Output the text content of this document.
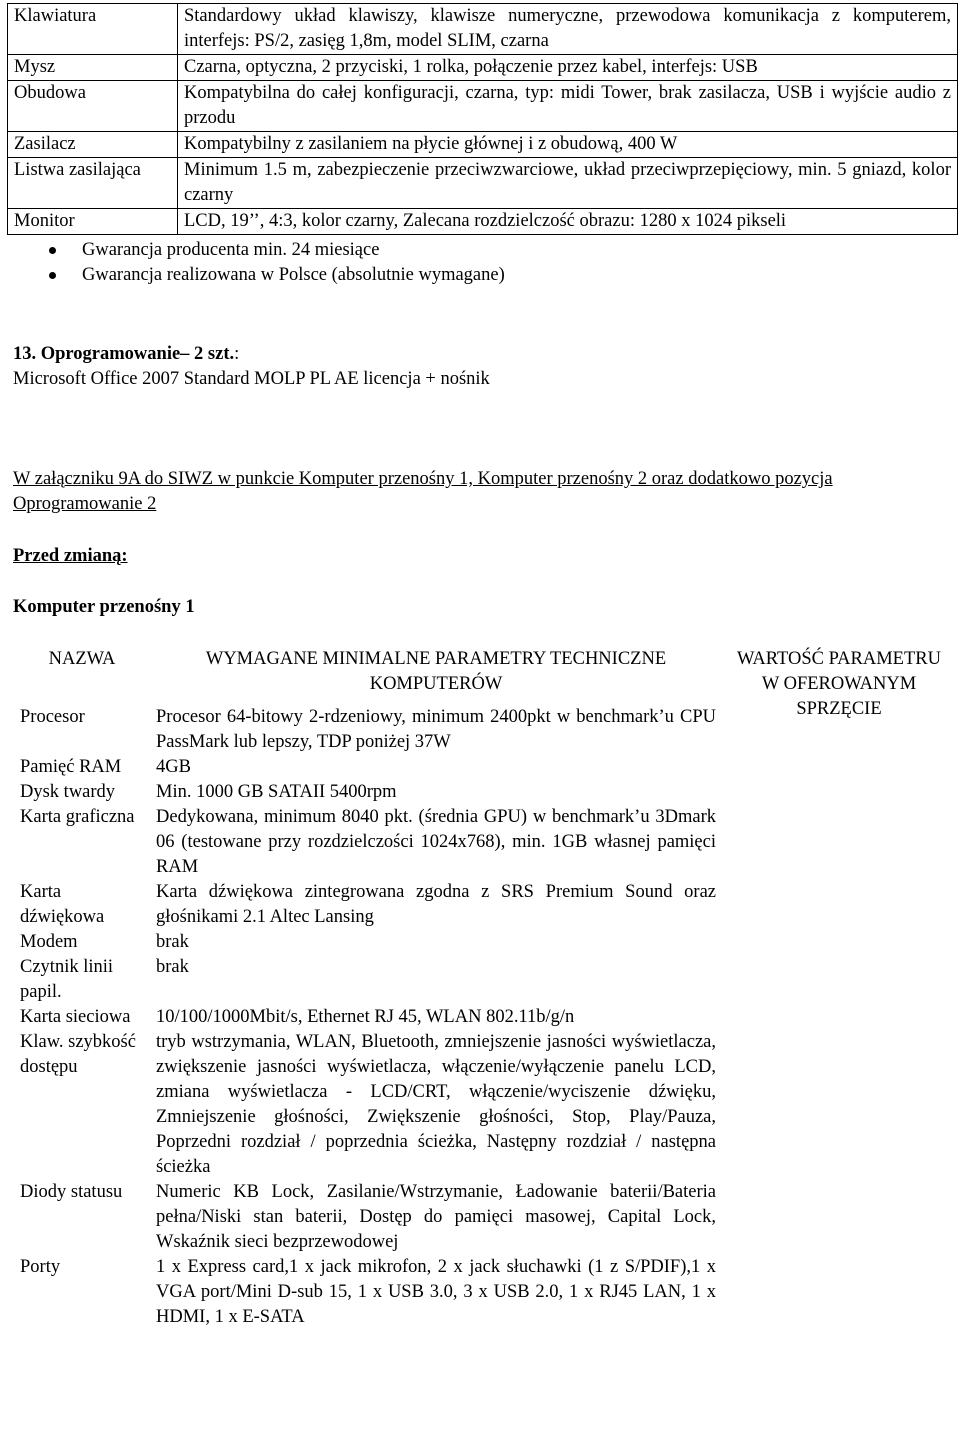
Klawiatura	Standardowy układ klawiszy, klawisze numeryczne, przewodowa komunikacja z komputerem, interfejs: PS/2, zasięg 1,8m, model SLIM, czarna
Mysz	Czarna, optyczna, 2 przyciski, 1 rolka, połączenie przez kabel, interfejs: USB
Obudowa	Kompatybilna do całej konfiguracji, czarna, typ: midi Tower, brak zasilacza, USB i wyjście audio z przodu
Zasilacz	Kompatybilny z zasilaniem na płycie głównej i z obudową, 400 W
Listwa zasilająca	Minimum 1.5 m, zabezpieczenie przeciwzwarciowe, układ przeciwprzepięciowy, min. 5 gniazd, kolor czarny
Monitor	LCD, 19’’, 4:3, kolor czarny, Zalecana rozdzielczość obrazu: 1280 x 1024 pikseli
Gwarancja producenta min. 24 miesiące
Gwarancja realizowana w Polsce (absolutnie wymagane)
13. Oprogramowanie– 2 szt.:
Microsoft Office 2007 Standard MOLP PL AE licencja + nośnik
W załączniku 9A do SIWZ w punkcie Komputer przenośny 1, Komputer przenośny 2 oraz dodatkowo pozycja Oprogramowanie 2
Przed zmianą:
Komputer przenośny 1
NAZWA	WYMAGANE MINIMALNE PARAMETRY TECHNICZNE KOMPUTERÓW	WARTOŚĆ PARAMETRU W OFEROWANYM SPRZĘCIE
Procesor	Procesor 64-bitowy 2-rdzeniowy, minimum 2400pkt w benchmark’u CPU PassMark lub lepszy, TDP poniżej 37W	
Pamięć RAM	4GB	
Dysk twardy	Min. 1000 GB SATAII 5400rpm	
Karta graficzna	Dedykowana, minimum 8040 pkt. (średnia GPU) w benchmark’u 3Dmark 06 (testowane przy rozdzielczości 1024x768), min. 1GB własnej pamięci RAM	
Karta dźwiękowa	Karta dźwiękowa zintegrowana zgodna z SRS Premium Sound oraz głośnikami 2.1 Altec Lansing	
Modem	brak	
Czytnik linii papil.	brak	
Karta sieciowa	10/100/1000Mbit/s, Ethernet RJ 45, WLAN 802.11b/g/n	
Klaw. szybkość dostępu	tryb wstrzymania, WLAN, Bluetooth, zmniejszenie jasności wyświetlacza, zwiększenie jasności wyświetlacza, włączenie/wyłączenie panelu LCD, zmiana wyświetlacza - LCD/CRT, włączenie/wyciszenie dźwięku, Zmniejszenie głośności, Zwiększenie głośności, Stop, Play/Pauza, Poprzedni rozdział / poprzednia ścieżka, Następny rozdział / następna ścieżka	
Diody statusu	Numeric KB Lock, Zasilanie/Wstrzymanie, Ładowanie baterii/Bateria pełna/Niski stan baterii, Dostęp do pamięci masowej, Capital Lock, Wskaźnik sieci bezprzewodowej	
Porty	1 x Express card,1 x jack mikrofon, 2 x jack słuchawki (1 z S/PDIF),1 x VGA port/Mini D-sub 15, 1 x USB 3.0, 3 x USB 2.0, 1 x RJ45 LAN, 1 x HDMI, 1 x E-SATA	
